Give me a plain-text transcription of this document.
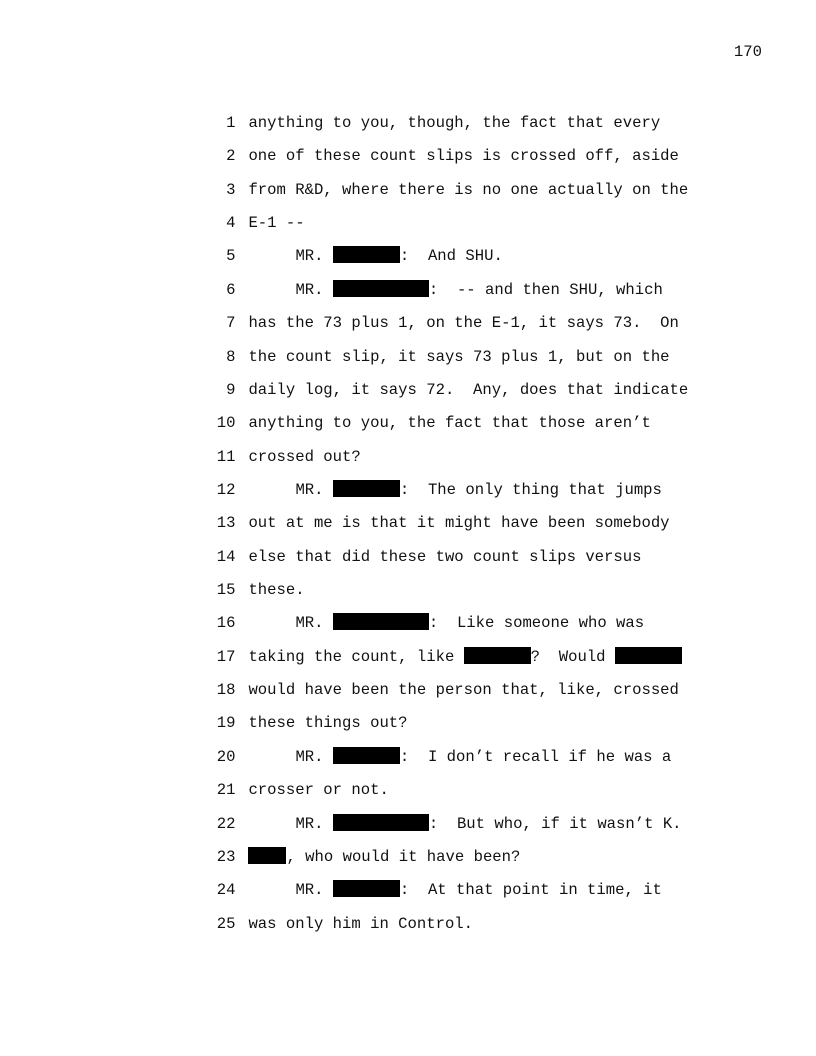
170

1 anything to you, though, the fact that every

2 one of these count slips is crossed off, aside

3 from R&D, where there is no one actually on the

4 E-1 --

5	MR.	:  And SHU.

6	MR.	:  -- and then SHU, which

7 has the 73 plus 1, on the E-1, it says 73.  On

8 the count slip, it says 73 plus 1, but on the

9 daily log, it says 72.  Any, does that indicate

10 anything to you, the fact that those aren’t

11 crossed out?

12	MR.	:  The only thing that jumps

13 out at me is that it might have been somebody

14 else that did these two count slips versus

15 these.

16	MR.	:  Like someone who was

17 taking the count, like	?  Would

18 would have been the person that, like, crossed

19 these things out?

20	MR.	:  I don’t recall if he was a

21 crosser or not.

22	MR.	:  But who, if it wasn’t K.

23	, who would it have been?

24	MR.	:  At that point in time, it

25 was only him in Control.
